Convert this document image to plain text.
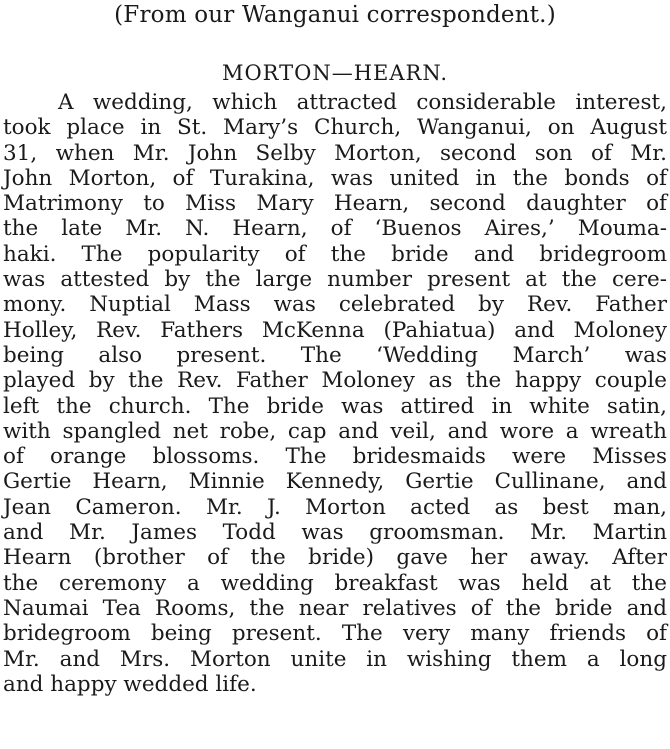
(From our Wanganui correspondent.)
MORTON—HEARN.
A wedding, which attracted considerable interest,
took place in St. Mary’s Church, Wanganui, on August
31, when Mr. John Selby Morton, second son of Mr.
John Morton, of Turakina, was united in the bonds of
Matrimony to Miss Mary Hearn, second daughter of
the late Mr. N. Hearn, of ‘Buenos Aires,’ Mouma-
haki. The popularity of the bride and bridegroom
was attested by the large number present at the cere-
mony. Nuptial Mass was celebrated by Rev. Father
Holley, Rev. Fathers McKenna (Pahiatua) and Moloney
being also present. The ‘Wedding March’ was
played by the Rev. Father Moloney as the happy couple
left the church. The bride was attired in white satin,
with spangled net robe, cap and veil, and wore a wreath
of orange blossoms. The bridesmaids were Misses
Gertie Hearn, Minnie Kennedy, Gertie Cullinane, and
Jean Cameron. Mr. J. Morton acted as best man,
and Mr. James Todd was groomsman. Mr. Martin
Hearn (brother of the bride) gave her away. After
the ceremony a wedding breakfast was held at the
Naumai Tea Rooms, the near relatives of the bride and
bridegroom being present. The very many friends of
Mr. and Mrs. Morton unite in wishing them a long
and happy wedded life.
